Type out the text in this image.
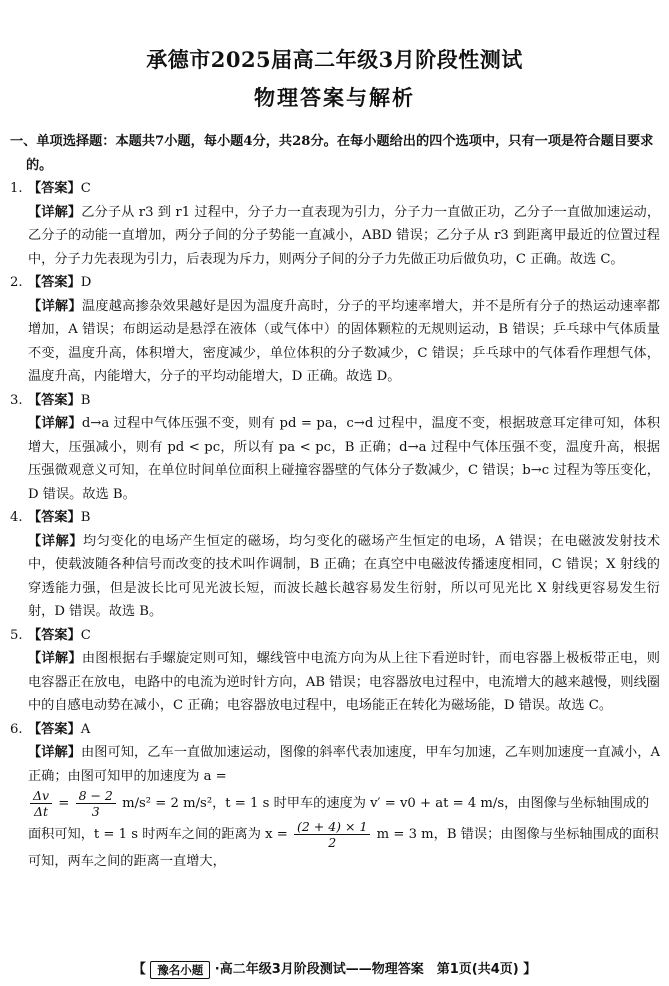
承德市2025届高二年级3月阶段性测试
物理答案与解析
一、单项选择题：本题共7小题，每小题4分，共28分。在每小题给出的四个选项中，只有一项是符合题目要求的。
1. 【答案】 C
【详解】乙分子从 r3 到 r1 过程中，分子力一直表现为引力，分子力一直做正功，乙分子一直做加速运动，乙分子的动能一直增加，两分子间的分子势能一直减小，ABD 错误；乙分子从 r3 到距离甲最近的位置过程中，分子力先表现为引力，后表现为斥力，则两分子间的分子力先做正功后做负功，C 正确。故选 C。
2. 【答案】 D
【详解】温度越高掺杂效果越好是因为温度升高时，分子的平均速率增大，并不是所有分子的热运动速率都增加，A 错误；布朗运动是悬浮在液体（或气体中）的固体颗粒的无规则运动，B 错误；乒乓球中气体质量不变，温度升高，体积增大，密度减少，单位体积的分子数减少，C 错误；乒乓球中的气体看作理想气体，温度升高，内能增大，分子的平均动能增大，D 正确。故选 D。
3. 【答案】 B
【详解】d→a 过程中气体压强不变，则有 pd = pa，c→d 过程中，温度不变，根据玻意耳定律可知，体积增大，压强减小，则有 pd < pc，所以有 pa < pc，B 正确；d→a 过程中气体压强不变，温度升高，根据压强微观意义可知，在单位时间单位面积上碰撞容器壁的气体分子数减少，C 错误；b→c 过程为等压变化，D 错误。故选 B。
4. 【答案】 B
【详解】均匀变化的电场产生恒定的磁场，均匀变化的磁场产生恒定的电场，A 错误；在电磁波发射技术中，使载波随各种信号而改变的技术叫作调制，B 正确；在真空中电磁波传播速度相同，C 错误；X 射线的穿透能力强，但是波长比可见光波长短，而波长越长越容易发生衍射，所以可见光比 X 射线更容易发生衍射，D 错误。故选 B。
5. 【答案】 C
【详解】由图根据右手螺旋定则可知，螺线管中电流方向为从上往下看逆时针，而电容器上极板带正电，则电容器正在放电，电路中的电流为逆时针方向，AB 错误；电容器放电过程中，电流增大的越来越慢，则线圈中的自感电动势在减小，C 正确；电容器放电过程中，电场能正在转化为磁场能，D 错误。故选 C。
6. 【答案】 A
【详解】由图可知，乙车一直做加速运动，图像的斜率代表加速度，甲车匀加速，乙车则加速度一直减小，A 正确；由图可知甲的加速度为 a =
$\frac{\Delta v}{\Delta t} = \frac{8 - 2}{3} m/s^2 = 2$ m/s²，t = 1 s 时甲车的速度为 v′ = v0 + at = 4 m/s，由图像与坐标轴围成的面积可知，t = 1 s 时两车之间的距离为 $x = \frac{(2 + 4) \times 1}{2}$ m = 3 m，B 错误；由图像与坐标轴围成的面积可知，两车之间的距离一直增大，
【 豫名小题 ·高二年级3月阶段测试——物理答案　第1页(共4页) 】
